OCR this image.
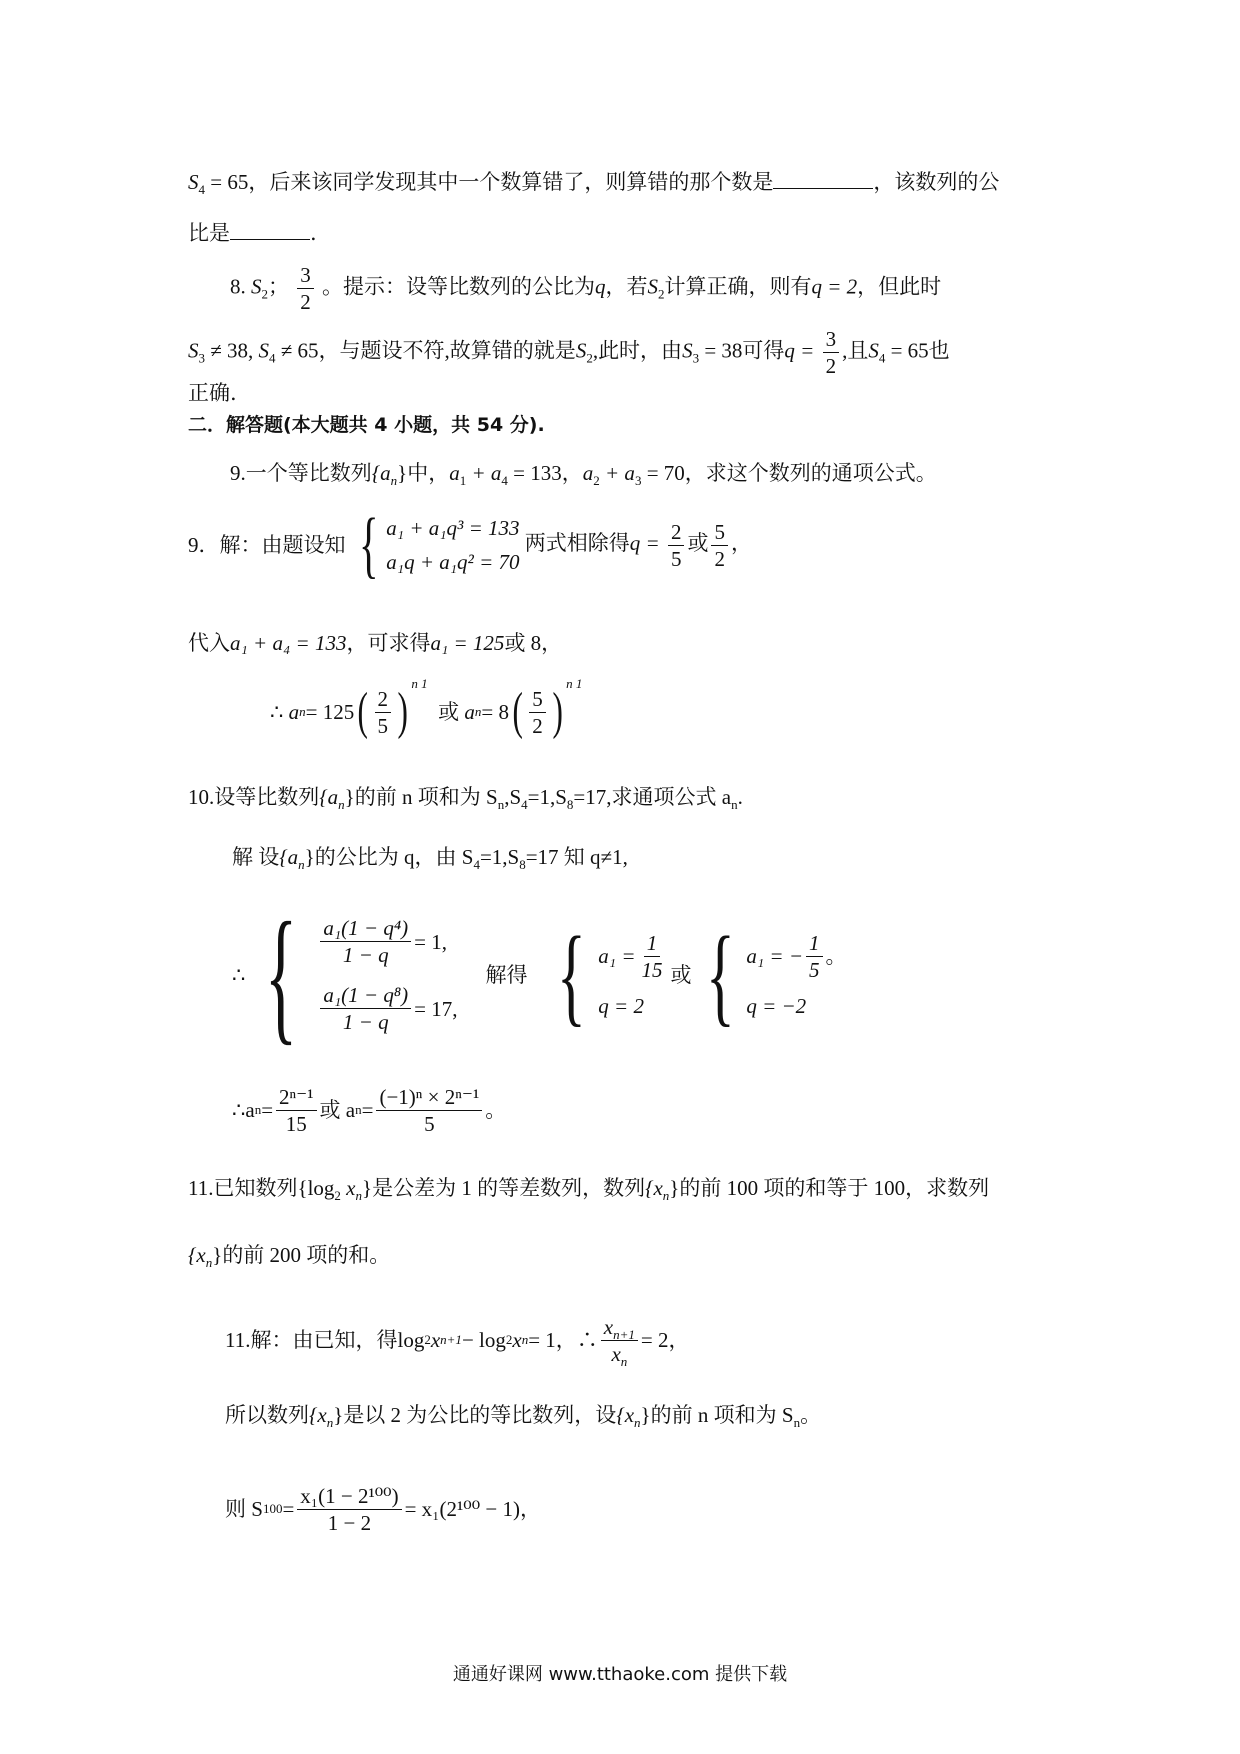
$S_4 = 65$，后来该同学发现其中一个数算错了，则算错的那个数是	，该数列的公
比是	.
8. $S_2$； $\frac{3}{2}$ 。提示：设等比数列的公比为q，若$S_2$计算正确，则有q = 2，但此时
$S_3 \ne 38$, $S_4 \ne 65$，与题设不符,故算错的就是$S_2$,此时，由$S_3 = 38$可得$q = \frac{3}{2}$ ,且$S_4 = 65$也
正确.
二．解答题(本大题共 4 小题，共 54 分).
9.一个等比数列$\{a_n\}$中，$a_1 + a_4 = 133$，$a_2 + a_3 = 70$，求这个数列的通项公式。
9．解：由题设知 { a₁ + a₁q³ = 133
a₁q + a₁q² = 70
两式相除得$q = \frac{2}{5}$ 或 $\frac{5}{2}$ ，
代入a₁ + a₄ = 133，可求得a₁ = 125或 8，
∴
a n = 125 ( $\frac{2}{5}$ ) n 1

或
a n = 8 ( $\frac{5}{2}$ ) n 1
10.设等比数列$\{a_n\}$的前 n 项和为 $S_n,S_4=1,S_8=17$,求通项公式 $a_n$.
解 设$\{a_n\}$的公比为 q，由 $S_4=1,S_8=17$ 知 q≠1,
∴ { $\frac{\text{a₁(1 − q⁴)}}{1 - q} = 1$,
$\frac{\text{a₁(1 − q⁸)}}{1 - q} = 17$,
解得 { $a_1 = \frac{1}{15}$
q = 2
或 { a₁ = − $\frac{1}{5}$ 。
q = −2
∴a $n = \frac{\text{2ⁿ⁻¹}}{15}$ 或 a $n = \frac{\text{(−1)ⁿ × 2ⁿ⁻¹}}{5}$ 。
11.已知数列{$\log_2$ $x_n$}是公差为 1 的等差数列，数列$\{x_n\}$的前 100 项的和等于 100，求数列
$\{x_n\}$的前 200 项的和。
11.解：由已知，得 log 2 x n+1 − log 2 x n = 1 ，∴ $\frac{x_{n+1}}{x_n} = 2$ ，
所以数列$\{x_n\}$是以 2 为公比的等比数列，设$\{x_n\}$的前 n 项和为 $S_n$。
则 S $100 = \frac{\text{x₁(1 − 2¹⁰⁰)}}{1 - 2} = x_1(2^{100} - 1)$ ，
通通好课网 www.tthaoke.com 提供下载
